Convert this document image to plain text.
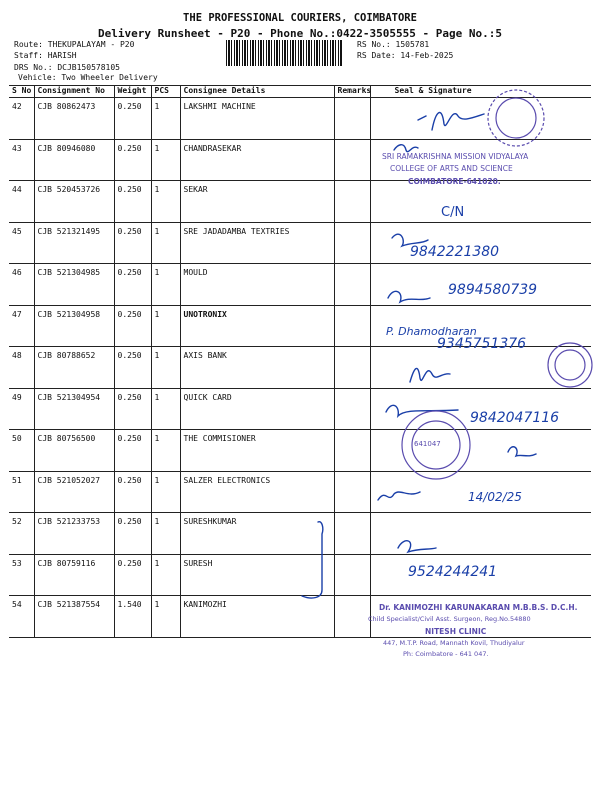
THE PROFESSIONAL COURIERS, COIMBATORE
Delivery Runsheet - P20 - Phone No.:0422-3505555 - Page No.:5
Route: THEKUPALAYAM - P20
Staff: HARISH
DRS No.: DCJB150578105
Vehicle: Two Wheeler Delivery
RS No.: 1505781
RS Date: 14-Feb-2025
S No	Consignment No	Weight	PCS	Consignee Details	Remarks	Seal & Signature
42	CJB 80862473	0.250	1	LAKSHMI MACHINE		
43	CJB 80946080	0.250	1	CHANDRASEKAR		
44	CJB 520453726	0.250	1	SEKAR		
45	CJB 521321495	0.250	1	SRE JADADAMBA TEXTRIES		
46	CJB 521304985	0.250	1	MOULD		
47	CJB 521304958	0.250	1	UNOTRONIX		
48	CJB 80788652	0.250	1	AXIS BANK		
49	CJB 521304954	0.250	1	QUICK CARD		
50	CJB 80756500	0.250	1	THE COMMISIONER		
51	CJB 521052027	0.250	1	SALZER ELECTRONICS		
52	CJB 521233753	0.250	1	SURESHKUMAR		
53	CJB 80759116	0.250	1	SURESH		
54	CJB 521387554	1.540	1	KANIMOZHI		
C/N
9842221380
9894580739
P. Dhamodharan
9345751376
9842047116
14/02/25
9524244241
SRI RAMAKRISHNA MISSION VIDYALAYA
COLLEGE OF ARTS AND SCIENCE
COIMBATORE-641020.
641047
Dr. KANIMOZHI KARUNAKARAN M.B.B.S. D.C.H.
Child Specialist/Civil Asst. Surgeon, Reg.No.54880
NITESH CLINIC
447, M.T.P. Road, Mannath Kovil, Thudiyalur
Ph: Coimbatore - 641 047.
